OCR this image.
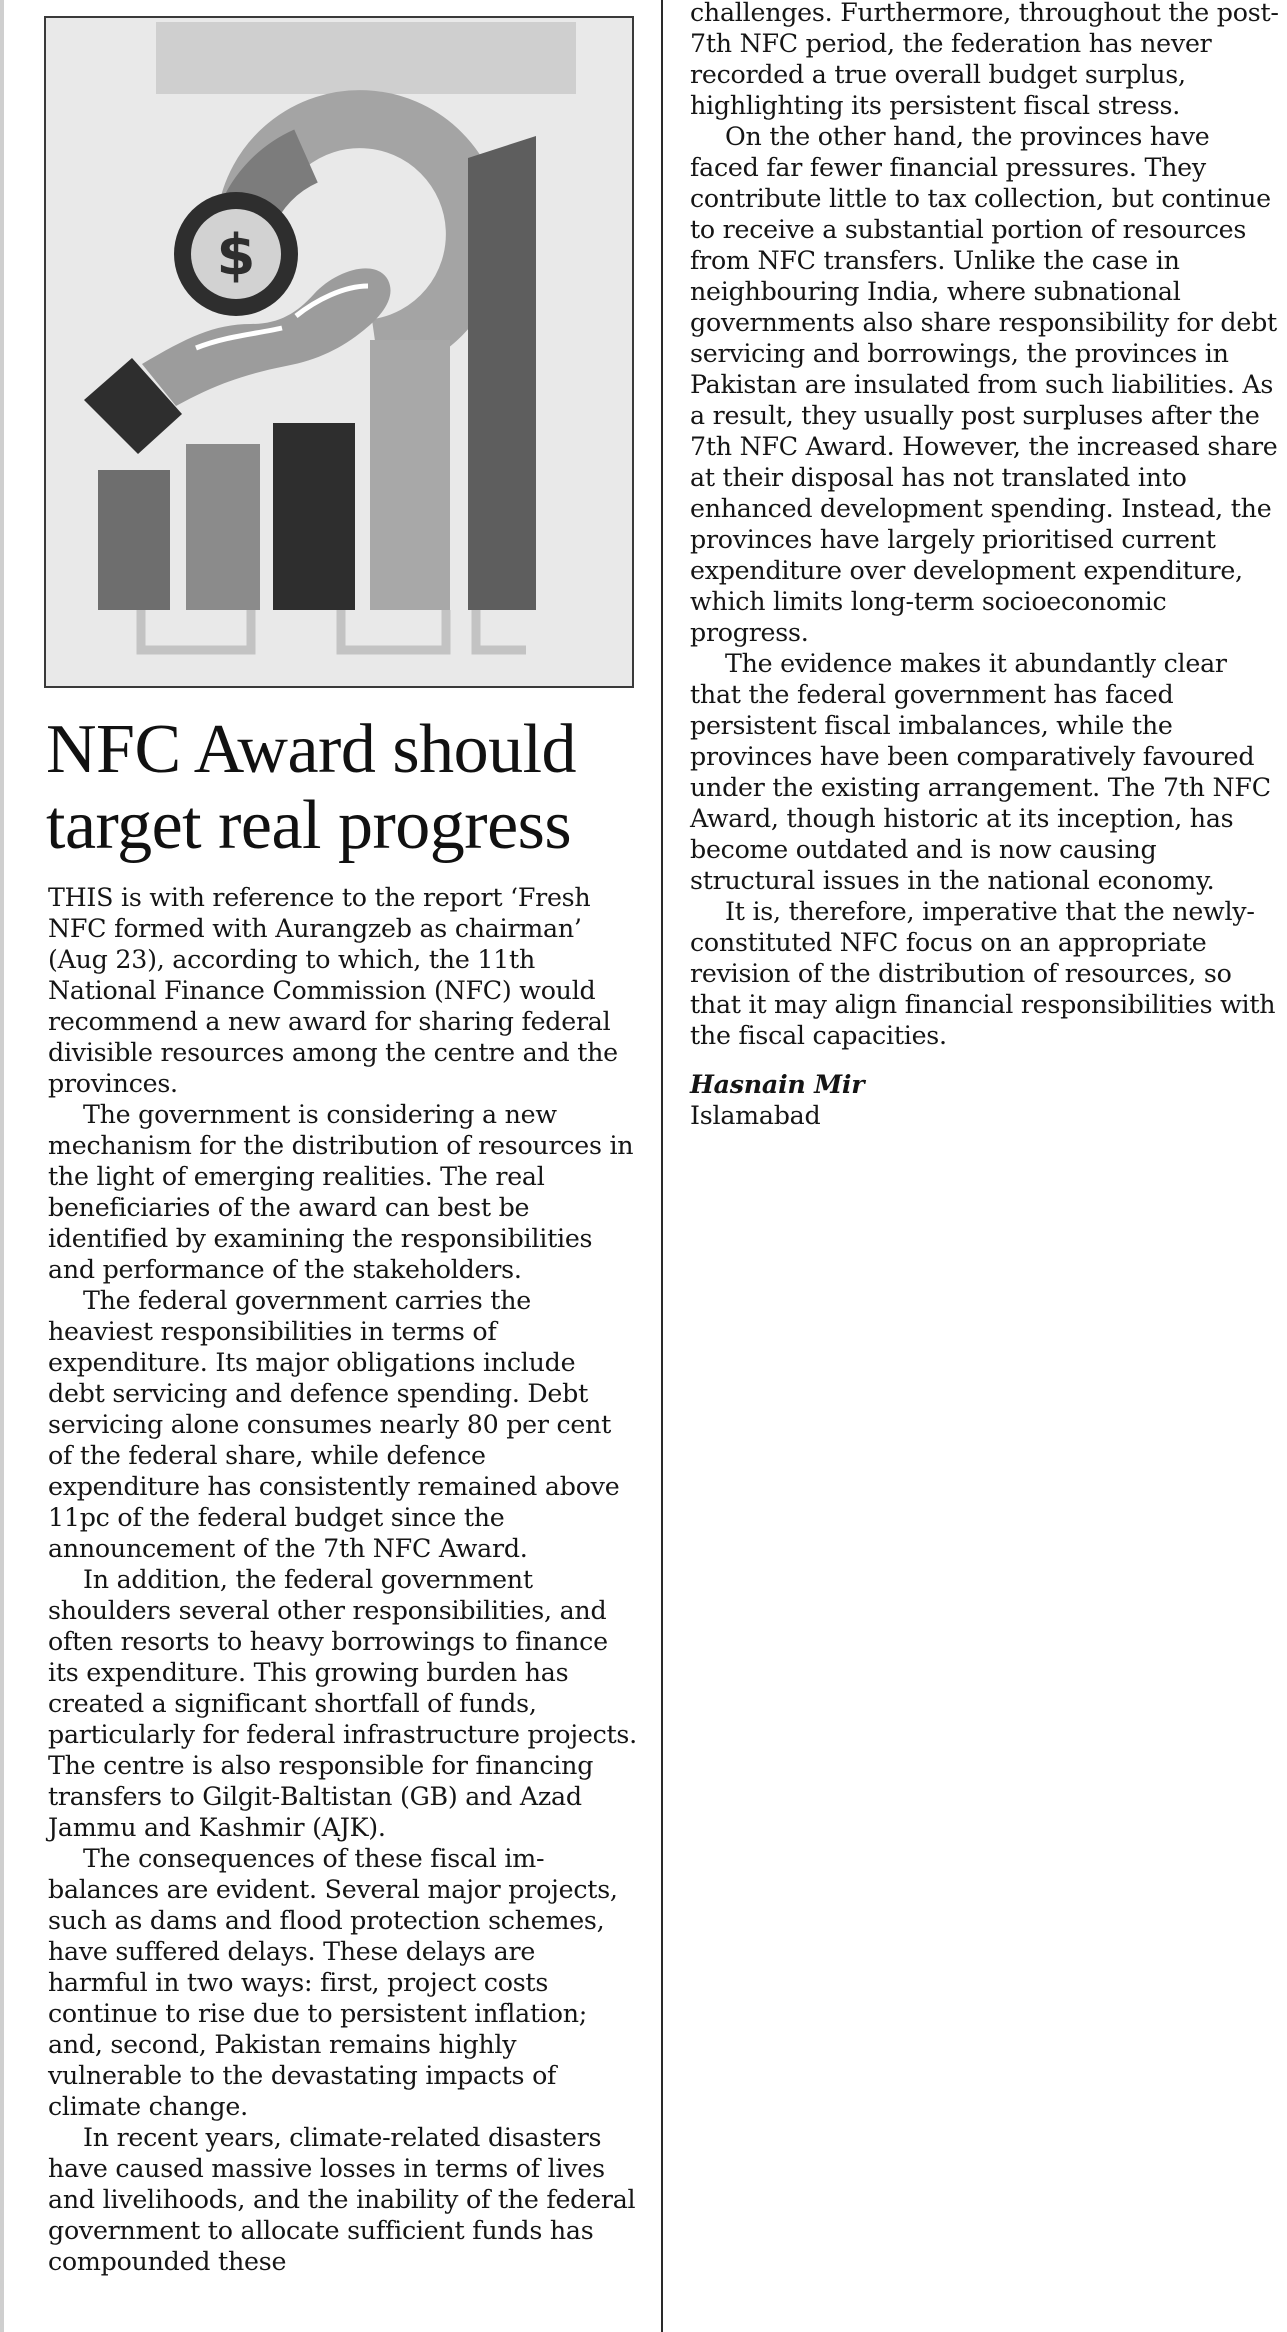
$
NFC Award should
target real progress

THIS is with reference to the report ‘Fresh NFC formed with Aurangzeb as chairman’ (Aug 23), according to which, the 11th National Finance Commission (NFC) would recommend a new award for sharing federal divisible resources among the centre and the provinces.

The government is considering a new mechanism for the distribution of resources in the light of emerging realities. The real beneficiaries of the award can best be identified by examining the responsibilities and performance of the stakeholders.

The federal government carries the heaviest responsibilities in terms of expenditure. Its major obligations include debt servicing and defence spending. Debt servicing alone consumes nearly 80 per cent of the federal share, while defence expenditure has consistently remained above 11pc of the federal budget since the announcement of the 7th NFC Award.

In addition, the federal government shoulders several other responsibilities, and often resorts to heavy borrowings to finance its expenditure. This growing burden has created a significant shortfall of funds, particularly for federal infrastructure projects. The centre is also responsible for financing transfers to Gilgit-Baltistan (GB) and Azad Jammu and Kashmir (AJK).

The consequences of these fiscal imbalances are evident. Several major projects, such as dams and flood protection schemes, have suffered delays. These delays are harmful in two ways: first, project costs continue to rise due to persistent inflation; and, second, Pakistan remains highly vulnerable to the devastating impacts of climate change.

In recent years, climate-related disasters have caused massive losses in terms of lives and livelihoods, and the inability of the federal government to allocate sufficient funds has compounded these

challenges. Furthermore, throughout the post-7th NFC period, the federation has never recorded a true overall budget surplus, highlighting its persistent fiscal stress.

On the other hand, the provinces have faced far fewer financial pressures. They contribute little to tax collection, but continue to receive a substantial portion of resources from NFC transfers. Unlike the case in neighbouring India, where subnational governments also share responsibility for debt servicing and borrowings, the provinces in Pakistan are insulated from such liabilities. As a result, they usually post surpluses after the 7th NFC Award. However, the increased share at their disposal has not translated into enhanced development spending. Instead, the provinces have largely prioritised current expenditure over development expenditure, which limits long-term socioeconomic progress.

The evidence makes it abundantly clear that the federal government has faced persistent fiscal imbalances, while the provinces have been comparatively favoured under the existing arrangement. The 7th NFC Award, though historic at its inception, has become outdated and is now causing structural issues in the national economy.

It is, therefore, imperative that the newly-constituted NFC focus on an appropriate revision of the distribution of resources, so that it may align financial responsibilities with the fiscal capacities.

Hasnain Mir

Islamabad
